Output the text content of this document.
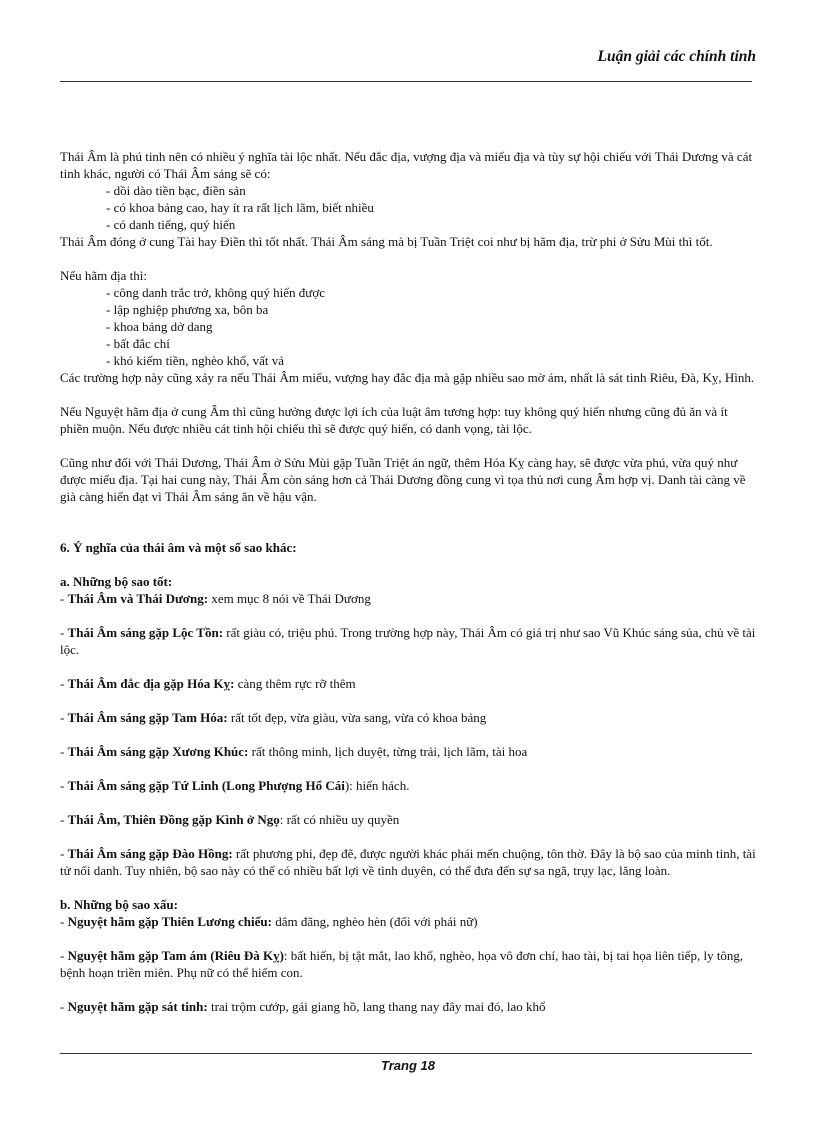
Luận giải các chính tinh

Thái Âm là phú tinh nên có nhiều ý nghĩa tài lộc nhất. Nếu đắc địa, vượng địa và miếu địa và tùy sự hội chiếu với Thái Dương và cát tinh khác, người có Thái Âm sáng sẽ có:

- dồi dào tiền bạc, điền sản

- có khoa bảng cao, hay ít ra rất lịch lãm, biết nhiều

- có danh tiếng, quý hiển

Thái Âm đóng ở cung Tài hay Điền thì tốt nhất. Thái Âm sáng mà bị Tuần Triệt coi như bị hãm địa, trừ phi ở Sửu Mùi thì tốt.

Nếu hãm địa thì:

- công danh trắc trở, không quý hiển được

- lập nghiệp phương xa, bôn ba

- khoa bảng dở dang

- bất đắc chí

- khó kiếm tiền, nghèo khổ, vất vả

Các trường hợp này cũng xảy ra nếu Thái Âm miếu, vượng hay đắc địa mà gặp nhiều sao mờ ám, nhất là sát tinh Riêu, Đà, Kỵ, Hình.

Nếu Nguyệt hãm địa ở cung Âm thì cũng hưởng được lợi ích của luật âm tương hợp: tuy không quý hiển nhưng cũng đủ ăn và ít phiền muộn. Nếu được nhiều cát tinh hội chiếu thì sẽ được quý hiển, có danh vọng, tài lộc.

Cũng như đối với Thái Dương, Thái Âm ở Sửu Mùi gặp Tuần Triệt án ngữ, thêm Hóa Kỵ càng hay, sẽ được vừa phú, vừa quý như được miếu địa. Tại hai cung này, Thái Âm còn sáng hơn cả Thái Dương đồng cung vì tọa thủ nơi cung Âm hợp vị. Danh tài càng về già càng hiển đạt vì Thái Âm sáng ăn về hậu vận.

6. Ý nghĩa của thái âm và một số sao khác:

a. Những bộ sao tốt:

- Thái Âm và Thái Dương: xem mục 8 nói về Thái Dương

- Thái Âm sáng gặp Lộc Tồn: rất giàu có, triệu phú. Trong trường hợp này, Thái Âm có giá trị như sao Vũ Khúc sáng sủa, chủ về tài lộc.

- Thái Âm đắc địa gặp Hóa Kỵ: càng thêm rực rỡ thêm

- Thái Âm sáng gặp Tam Hóa: rất tốt đẹp, vừa giàu, vừa sang, vừa có khoa bảng

- Thái Âm sáng gặp Xương Khúc: rất thông minh, lịch duyệt, từng trải, lịch lãm, tài hoa

- Thái Âm sáng gặp Tứ Linh (Long Phượng Hổ Cái): hiển hách.

- Thái Âm, Thiên Đồng gặp Kình ở Ngọ: rất có nhiều uy quyền

- Thái Âm sáng gặp Đào Hồng: rất phương phi, đẹp đẽ, được người khác phái mến chuộng, tôn thờ. Đây là bộ sao của minh tinh, tài tử nổi danh. Tuy nhiên, bộ sao này có thể có nhiều bất lợi về tình duyên, có thể đưa đến sự sa ngã, trụy lạc, lăng loàn.

b. Những bộ sao xấu:

- Nguyệt hãm gặp Thiên Lương chiếu: dâm đãng, nghèo hèn (đối với phái nữ)

- Nguyệt hãm gặp Tam ám (Riêu Đà Kỵ): bất hiển, bị tật mắt, lao khổ, nghèo, họa vô đơn chí, hao tài, bị tai họa liên tiếp, ly tông, bệnh hoạn triền miên. Phụ nữ có thể hiếm con.

- Nguyệt hãm gặp sát tinh: trai trộm cướp, gái giang hồ, lang thang nay đây mai đó, lao khổ

Trang 18
